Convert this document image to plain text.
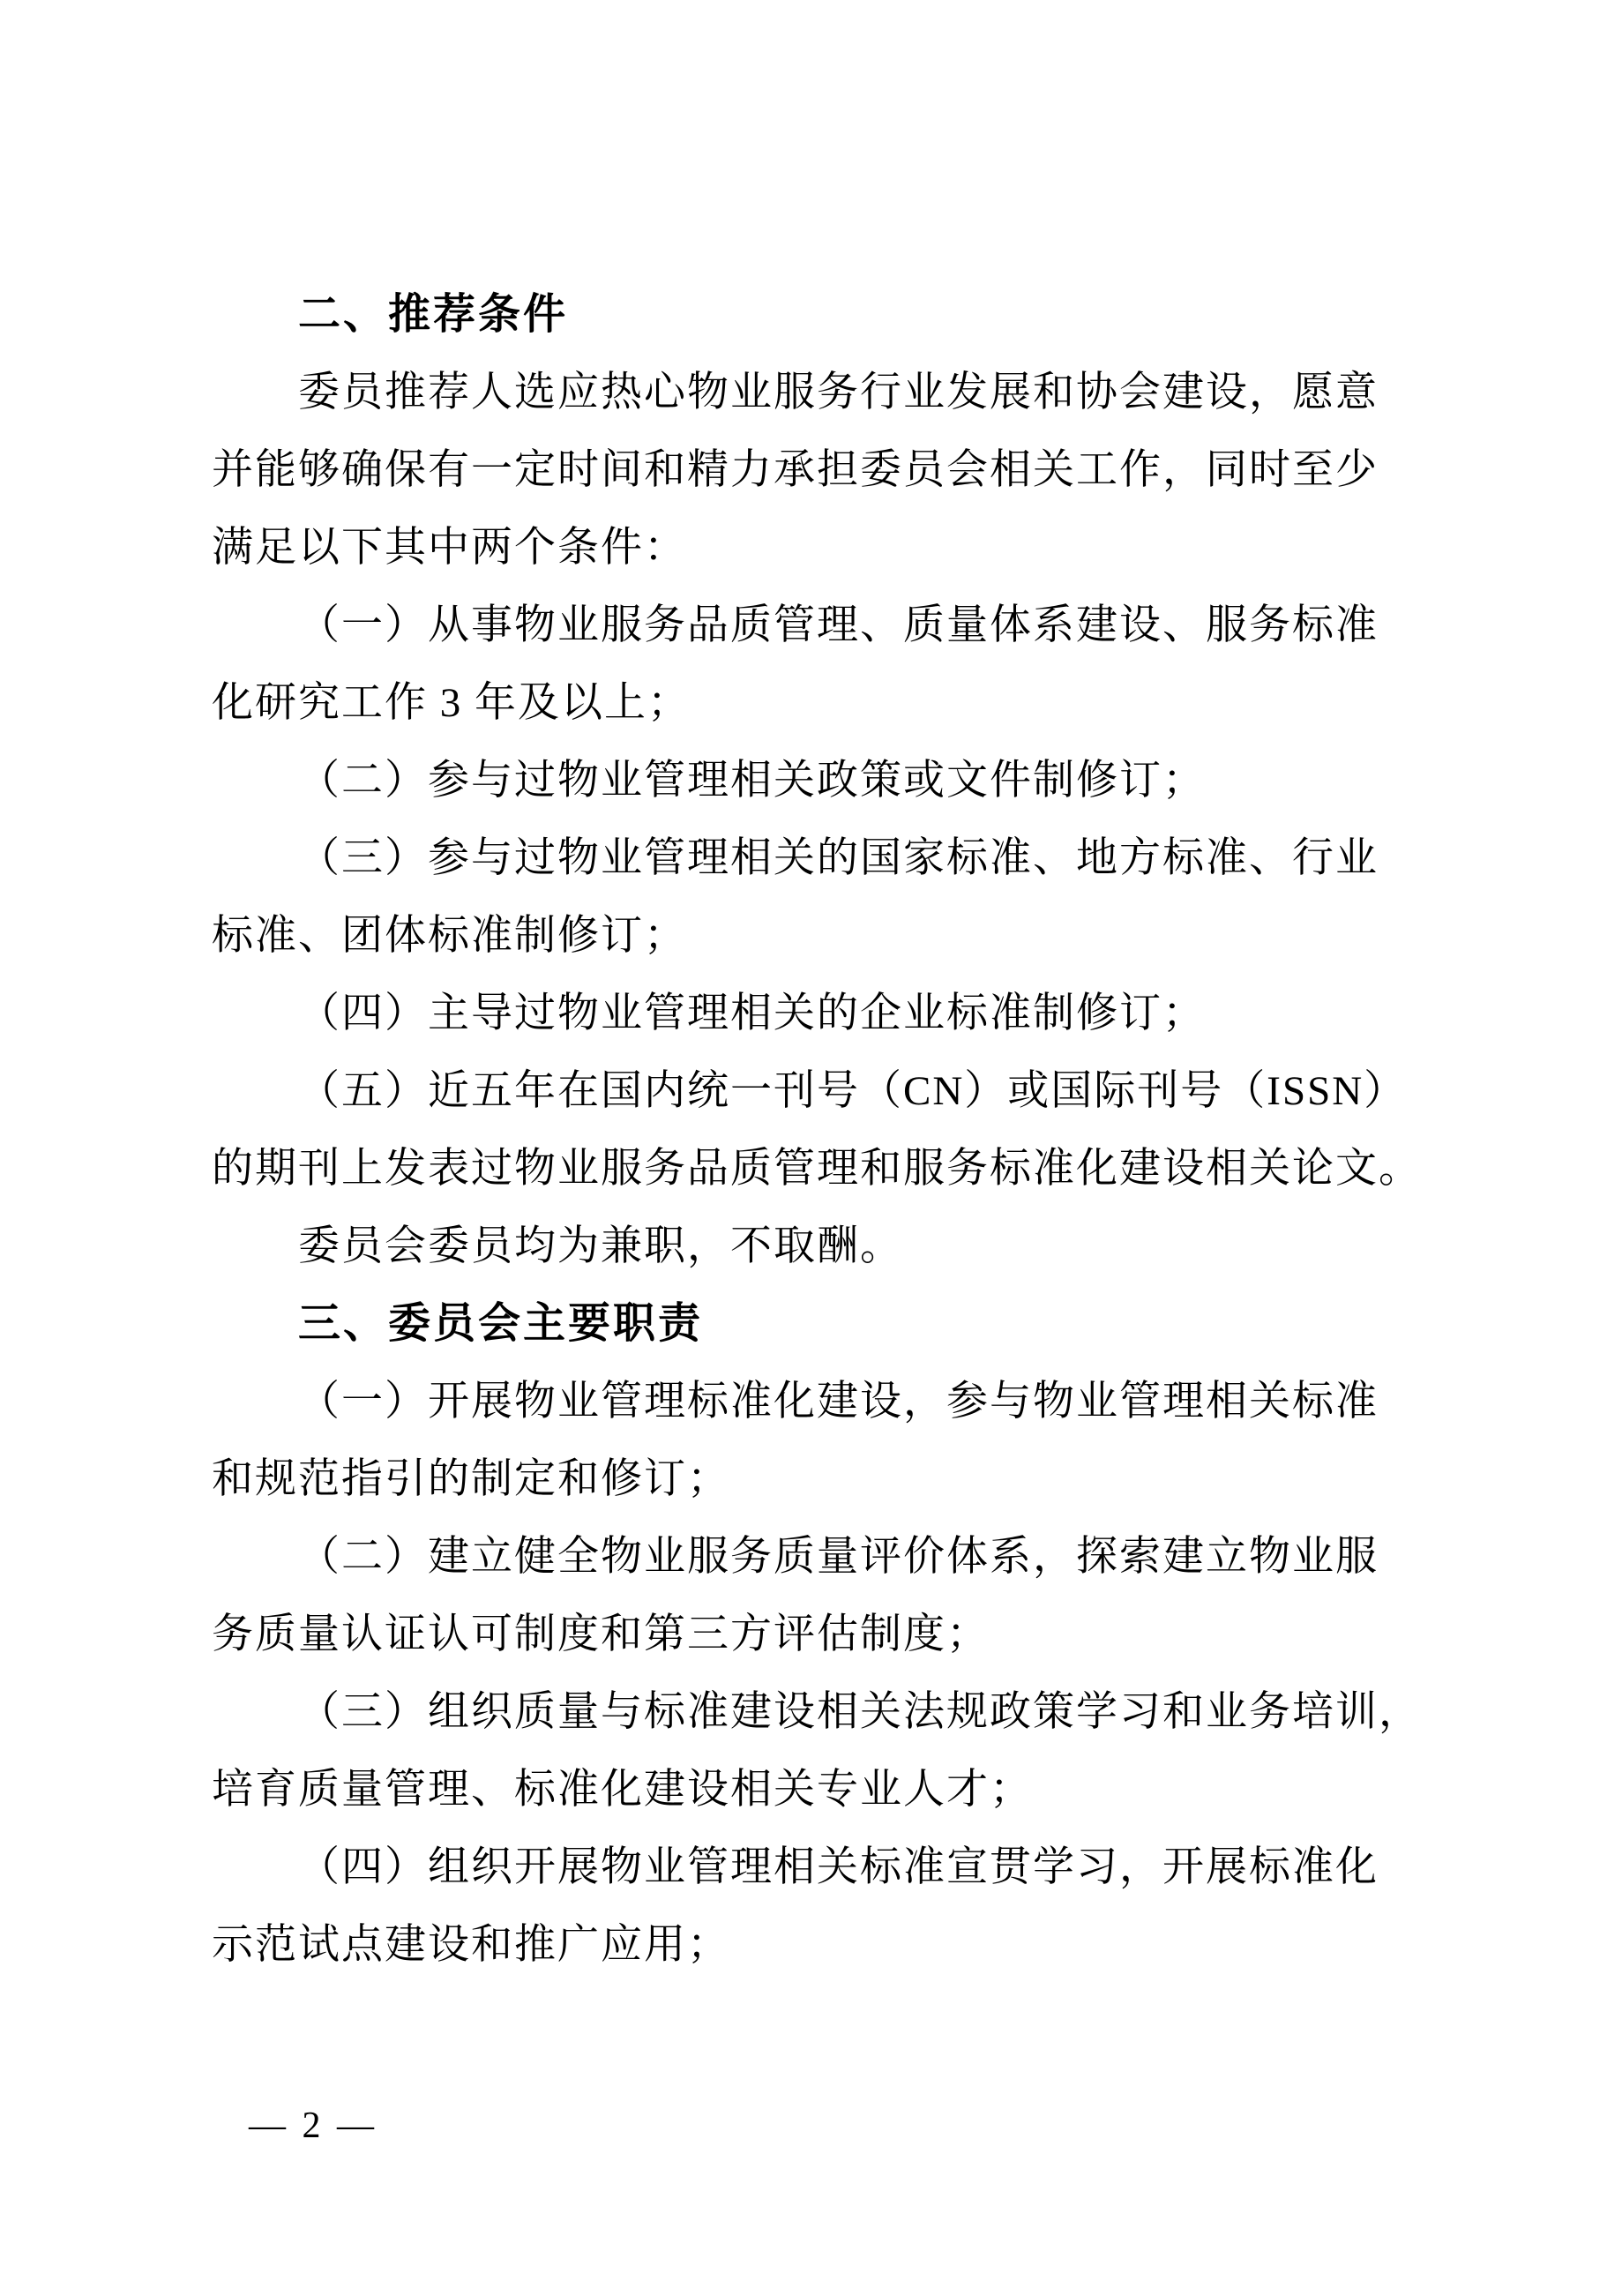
二、推荐条件
委员推荐人选应热心物业服务行业发展和协会建设，愿意
并能够确保有一定时间和精力承担委员会相关工作，同时至少
满足以下其中两个条件：
（一）从事物业服务品质管理、质量体系建设、服务标准
化研究工作 3 年及以上；
（二）参与过物业管理相关政策或文件制修订；
（三）参与过物业管理相关的国家标准、地方标准、行业
标准、团体标准制修订；
（四）主导过物业管理相关的企业标准制修订；
（五）近五年在国内统一刊号（CN）或国际刊号（ISSN）
的期刊上发表过物业服务品质管理和服务标准化建设相关论文。
委员会委员均为兼职，不取酬。
三、委员会主要职责
（一）开展物业管理标准化建设，参与物业管理相关标准
和规范指引的制定和修订；
（二）建立健全物业服务质量评价体系，探索建立物业服
务质量认证认可制度和第三方评估制度；
（三）组织质量与标准建设相关法规政策学习和业务培训，
培育质量管理、标准化建设相关专业人才；
（四）组织开展物业管理相关标准宣贯学习，开展标准化
示范试点建设和推广应用；
— 2 —
